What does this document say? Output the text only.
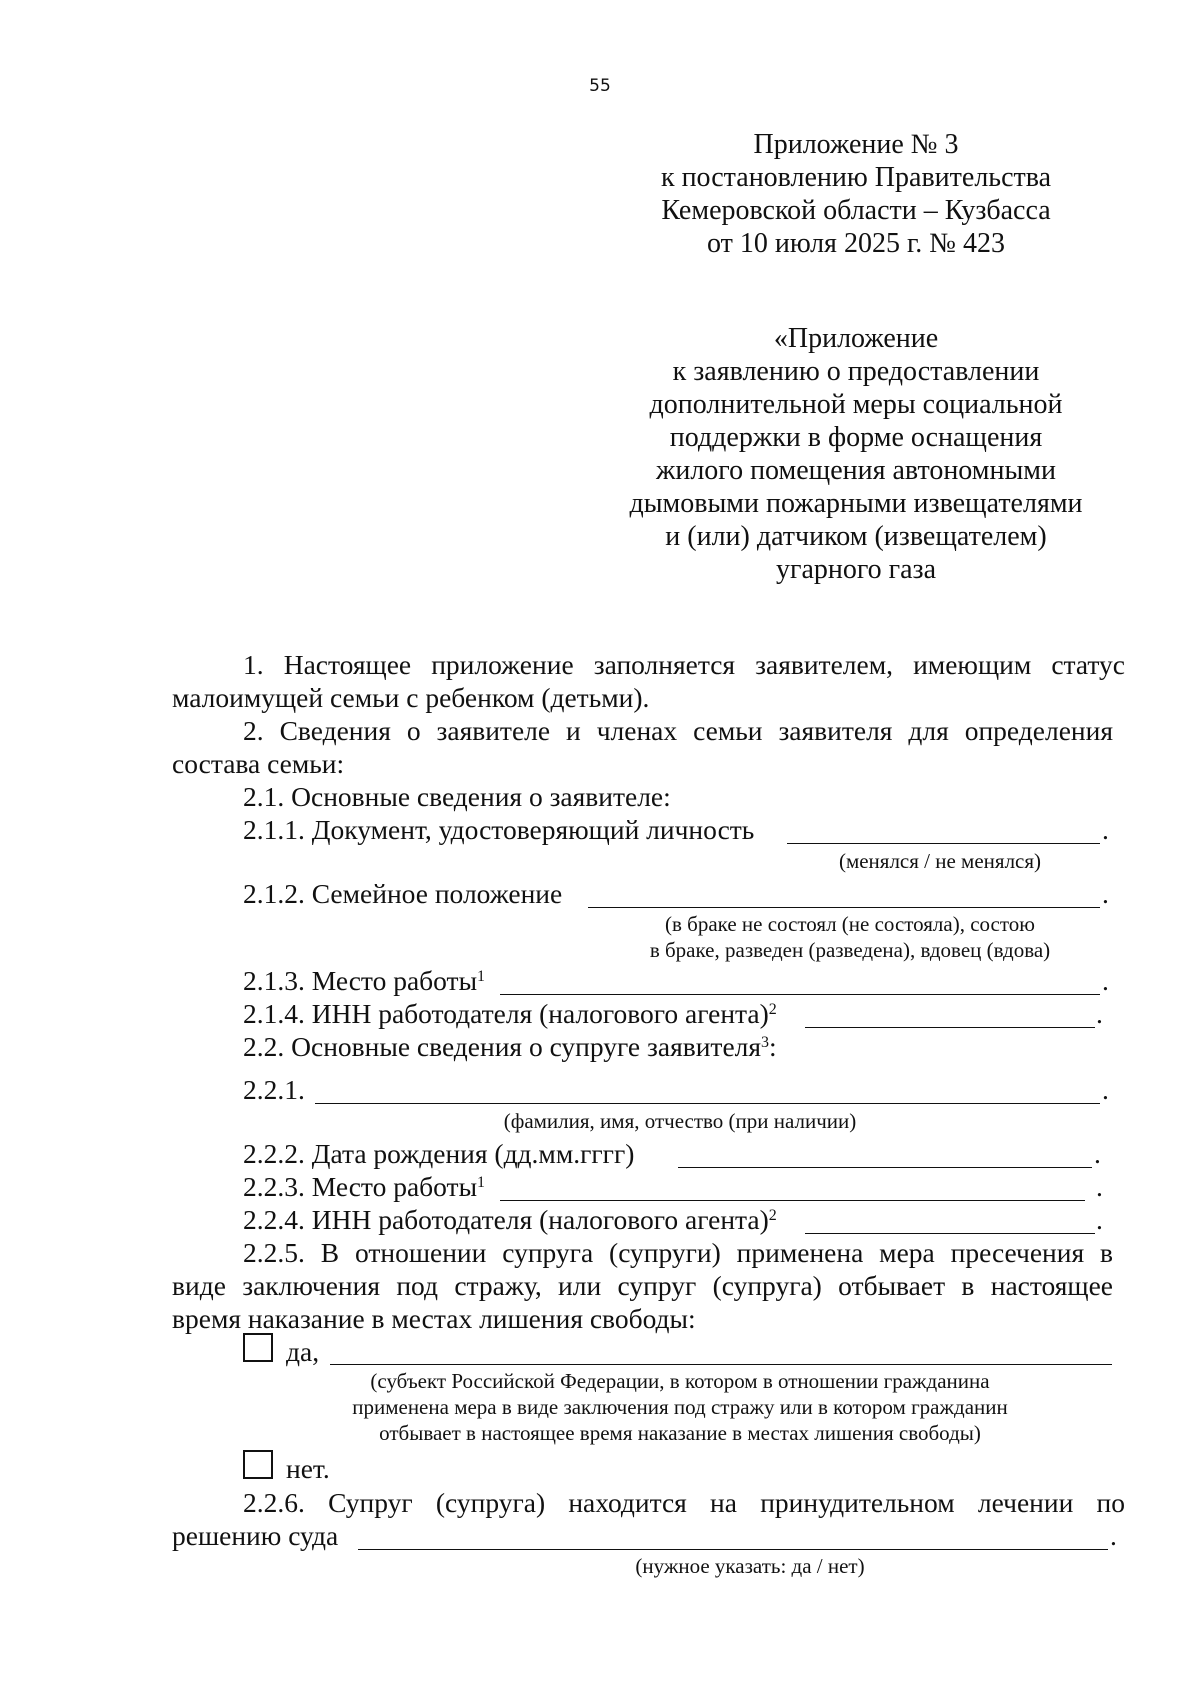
55
Приложение № 3
к постановлению Правительства
Кемеровской области – Кузбасса
от 10 июля 2025 г. № 423
«Приложение
к заявлению о предоставлении
дополнительной меры социальной
поддержки в форме оснащения
жилого помещения автономными
дымовыми пожарными извещателями
и (или) датчиком (извещателем)
угарного газа
1. Настоящее приложение заполняется заявителем, имеющим статус
малоимущей семьи с ребенком (детьми).
2. Сведения о заявителе и членах семьи заявителя для определения
состава семьи:
2.1. Основные сведения о заявителе:
2.1.1. Документ, удостоверяющий личность	.
(менялся / не менялся)
2.1.2. Семейное положение	.
(в браке не состоял (не состояла), состою
в браке, разведен (разведена), вдовец (вдова)
2.1.3. Место работы$^1$	.
2.1.4. ИНН работодателя (налогового агента)$^2$	.
2.2. Основные сведения о супруге заявителя$^3$:
2.2.1.	.
(фамилия, имя, отчество (при наличии)
2.2.2. Дата рождения (дд.мм.гггг)	.
2.2.3. Место работы$^1$	.
2.2.4. ИНН работодателя (налогового агента)$^2$	.
2.2.5. В отношении супруга (супруги) применена мера пресечения в
виде заключения под стражу, или супруг (супруга) отбывает в настоящее
время наказание в местах лишения свободы:
да,
(субъект Российской Федерации, в котором в отношении гражданина
применена мера в виде заключения под стражу или в котором гражданин
отбывает в настоящее время наказание в местах лишения свободы)
нет.
2.2.6. Супруг (супруга) находится на принудительном лечении по
решению суда	.
(нужное указать: да / нет)
